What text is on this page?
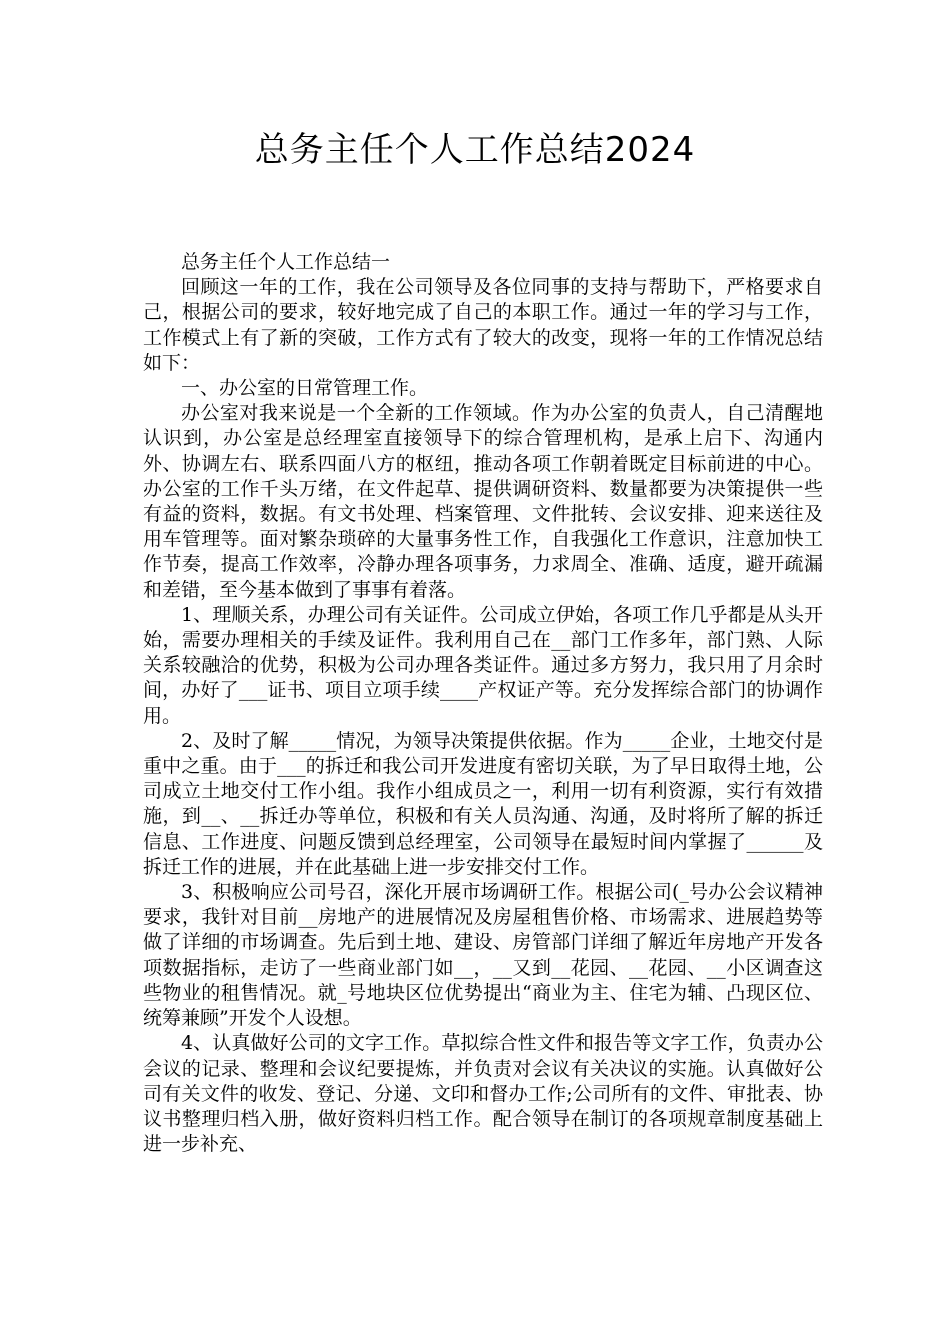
总务主任个人工作总结2024

总务主任个人工作总结一

回顾这一年的工作，我在公司领导及各位同事的支持与帮助下，严格要求自己，根据公司的要求，较好地完成了自己的本职工作。通过一年的学习与工作，工作模式上有了新的突破，工作方式有了较大的改变，现将一年的工作情况总结如下：

一、办公室的日常管理工作。

办公室对我来说是一个全新的工作领域。作为办公室的负责人，自己清醒地认识到，办公室是总经理室直接领导下的综合管理机构，是承上启下、沟通内外、协调左右、联系四面八方的枢纽，推动各项工作朝着既定目标前进的中心。办公室的工作千头万绪，在文件起草、提供调研资料、数量都要为决策提供一些有益的资料，数据。有文书处理、档案管理、文件批转、会议安排、迎来送往及用车管理等。面对繁杂琐碎的大量事务性工作，自我强化工作意识，注意加快工作节奏，提高工作效率，冷静办理各项事务，力求周全、准确、适度，避开疏漏和差错，至今基本做到了事事有着落。

1、理顺关系，办理公司有关证件。公司成立伊始，各项工作几乎都是从头开始，需要办理相关的手续及证件。我利用自己在__部门工作多年，部门熟、人际关系较融洽的优势，积极为公司办理各类证件。通过多方努力，我只用了月余时间，办好了___证书、项目立项手续____产权证产等。充分发挥综合部门的协调作用。

2、及时了解_____情况，为领导决策提供依据。作为_____企业，土地交付是重中之重。由于___的拆迁和我公司开发进度有密切关联，为了早日取得土地，公司成立土地交付工作小组。我作小组成员之一，利用一切有利资源，实行有效措施，到__、__拆迁办等单位，积极和有关人员沟通、沟通，及时将所了解的拆迁信息、工作进度、问题反馈到总经理室，公司领导在最短时间内掌握了______及拆迁工作的进展，并在此基础上进一步安排交付工作。

3、积极响应公司号召，深化开展市场调研工作。根据公司(_号办公会议精神要求，我针对目前__房地产的进展情况及房屋租售价格、市场需求、进展趋势等做了详细的市场调查。先后到土地、建设、房管部门详细了解近年房地产开发各项数据指标，走访了一些商业部门如__，__又到__花园、__花园、__小区调查这些物业的租售情况。就_号地块区位优势提出“商业为主、住宅为辅、凸现区位、统筹兼顾”开发个人设想。

4、认真做好公司的文字工作。草拟综合性文件和报告等文字工作，负责办公会议的记录、整理和会议纪要提炼，并负责对会议有关决议的实施。认真做好公司有关文件的收发、登记、分递、文印和督办工作;公司所有的文件、审批表、协议书整理归档入册，做好资料归档工作。配合领导在制订的各项规章制度基础上进一步补充、
